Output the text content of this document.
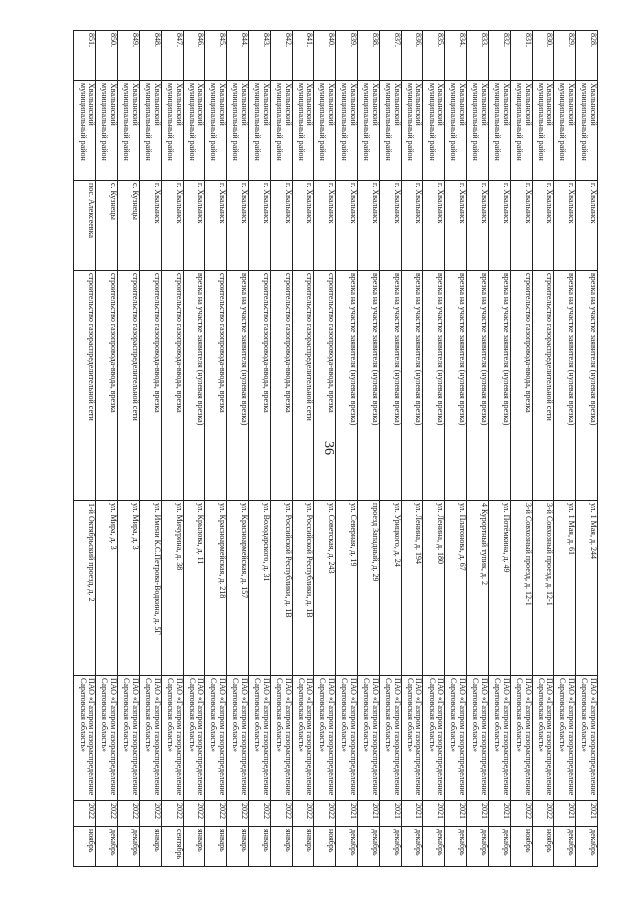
36
828.	Хвалынский муниципальный район	г. Хвалынск	врезка на участке заявителя (нулевая врезка)	ул. 1 Мая, д. 244	ПАО «Газпром газораспределение Саратовская область»	2021	декабрь

829.	Хвалынский муниципальный район	г. Хвалынск	врезка на участке заявителя (нулевая врезка)	ул. 1 Мая, д. 61	ПАО «Газпром газораспределение Саратовская область»	2021	декабрь

830.	Хвалынский муниципальный район	г. Хвалынск	строительство газораспределительной сети	3-й Совхозный проезд, д. 12-1	ПАО «Газпром газораспределение Саратовская область»	2022	ноябрь

831.	Хвалынский муниципальный район	г. Хвалынск	строительство газопровода-ввода, врезка	3-й Совхозный проезд, д. 12-1	ПАО «Газпром газораспределение Саратовская область»	2022	ноябрь

832.	Хвалынский муниципальный район	г. Хвалынск	врезка на участке заявителя (нулевая врезка)	ул. Потёмкина, д. 49	ПАО «Газпром газораспределение Саратовская область»	2021	декабрь

833.	Хвалынский муниципальный район	г. Хвалынск	врезка на участке заявителя (нулевая врезка)	4 Курортный тупик, д. 2	ПАО «Газпром газораспределение Саратовская область»	2021	декабрь

834.	Хвалынский муниципальный район	г. Хвалынск	врезка на участке заявителя (нулевая врезка)	ул. Платонова, д. 67	ПАО «Газпром газораспределение Саратовская область»	2021	декабрь

835.	Хвалынский муниципальный район	г. Хвалынск	врезка на участке заявителя (нулевая врезка)	ул. Ленина, д. 180	ПАО «Газпром газораспределение Саратовская область»	2021	декабрь

836.	Хвалынский муниципальный район	г. Хвалынск	врезка на участке заявителя (нулевая врезка)	ул. Ленина, д. 194	ПАО «Газпром газораспределение Саратовская область»	2021	декабрь

837.	Хвалынский муниципальный район	г. Хвалынск	врезка на участке заявителя (нулевая врезка)	ул. Урицкого, д. 24	ПАО «Газпром газораспределение Саратовская область»	2021	декабрь

838.	Хвалынский муниципальный район	г. Хвалынск	врезка на участке заявителя (нулевая врезка)	проезд Западный, д. 29	ПАО «Газпром газораспределение Саратовская область»	2021	декабрь

839.	Хвалынский муниципальный район	г. Хвалынск	врезка на участке заявителя (нулевая врезка)	ул. Северная, д. 19	ПАО «Газпром газораспределение Саратовская область»	2021	декабрь

840.	Хвалынский муниципальный район	г. Хвалынск	строительство газопровода-ввода, врезка	ул. Советская, д. 243	ПАО «Газпром газораспределение Саратовская область»	2022	ноябрь

841.	Хвалынский муниципальный район	г. Хвалынск	строительство газораспределительной сети	ул. Российской Республики, д. 1В	ПАО «Газпром газораспределение Саратовская область»	2022	январь

842.	Хвалынский муниципальный район	г. Хвалынск	строительство газопровода-ввода, врезка	ул. Российской Республики, д. 1В	ПАО «Газпром газораспределение Саратовская область»	2022	январь

843.	Хвалынский муниципальный район	г. Хвалынск	строительство газопровода-ввода, врезка	ул. Володарского, д. 31	ПАО «Газпром газораспределение Саратовская область»	2022	январь

844.	Хвалынский муниципальный район	г. Хвалынск	врезка на участке заявителя (нулевая врезка)	ул. Красноармейская, д. 157	ПАО «Газпром газораспределение Саратовская область»	2022	январь

845.	Хвалынский муниципальный район	г. Хвалынск	строительство газопровода-ввода, врезка	ул. Красноармейская, д. 218	ПАО «Газпром газораспределение Саратовская область»	2022	январь

846.	Хвалынский муниципальный район	г. Хвалынск	врезка на участке заявителя (нулевая врезка)	ул. Крылова, д. 11	ПАО «Газпром газораспределение Саратовская область»	2022	январь

847.	Хвалынский муниципальный район	г. Хвалынск	строительство газопровода-ввода, врезка	ул. Мичурина, д. 38	ПАО «Газпром газораспределение Саратовская область»	2022	сентябрь

848.	Хвалынский муниципальный район	г. Хвалынск	строительство газопровода-ввода, врезка	ул. Имени К.С.Петрова-Водкина, д. 5Г	ПАО «Газпром газораспределение Саратовская область»	2022	январь

849.	Хвалынский муниципальный район	с. Кузнецы	строительство газораспределительной сети	ул. Мира, д. 3	ПАО «Газпром газораспределение Саратовская область»	2022	декабрь

850.	Хвалынский муниципальный район	с. Кузнецы	строительство газопровода-ввода, врезка	ул. Мира, д. 3	ПАО «Газпром газораспределение Саратовская область»	2022	декабрь

851.	Хвалынский муниципальный район	пос. Алексеевка	строительство газораспределительной сети	1-й Октябрьский проезд, д. 2	ПАО «Газпром газораспределение Саратовская область»	2022	ноябрь
